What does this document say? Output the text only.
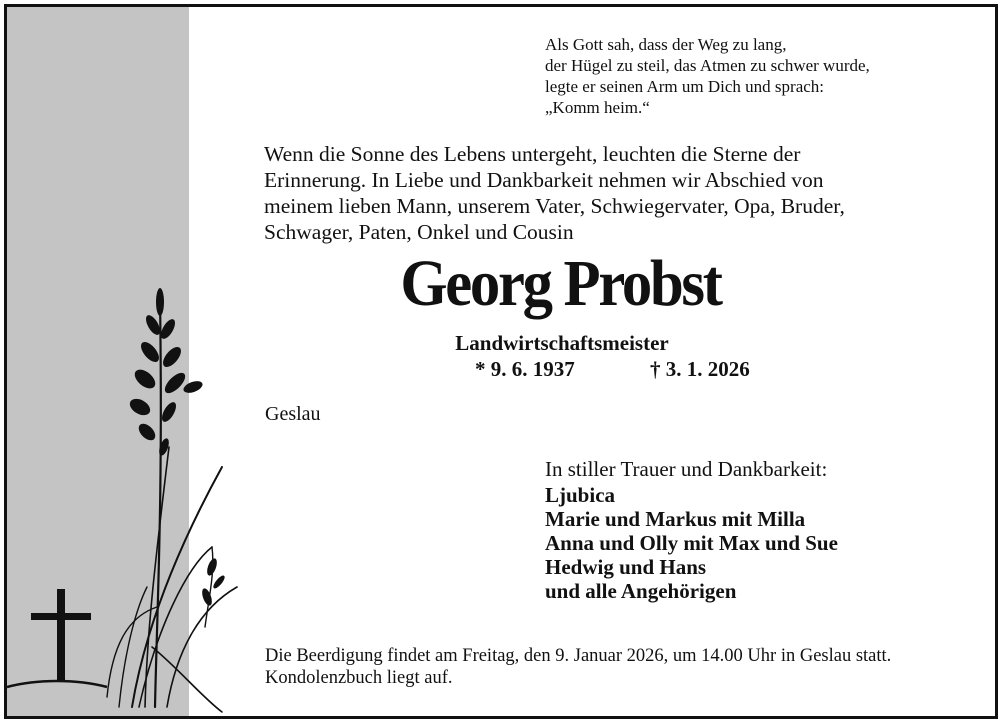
Als Gott sah, dass der Weg zu lang,
der Hügel zu steil, das Atmen zu schwer wurde,
legte er seinen Arm um Dich und sprach:
„Komm heim.“
Wenn die Sonne des Lebens untergeht, leuchten die Sterne der
Erinnerung. In Liebe und Dankbarkeit nehmen wir Abschied von
meinem lieben Mann, unserem Vater, Schwiegervater, Opa, Bruder,
Schwager, Paten, Onkel und Cousin
Georg Probst
Landwirtschaftsmeister
* 9. 6. 1937	† 3. 1. 2026
Geslau
In stiller Trauer und Dankbarkeit:
Ljubica
Marie und Markus mit Milla
Anna und Olly mit Max und Sue
Hedwig und Hans
und alle Angehörigen
Die Beerdigung findet am Freitag, den 9. Januar 2026, um 14.00 Uhr in Geslau statt.
Kondolenzbuch liegt auf.
